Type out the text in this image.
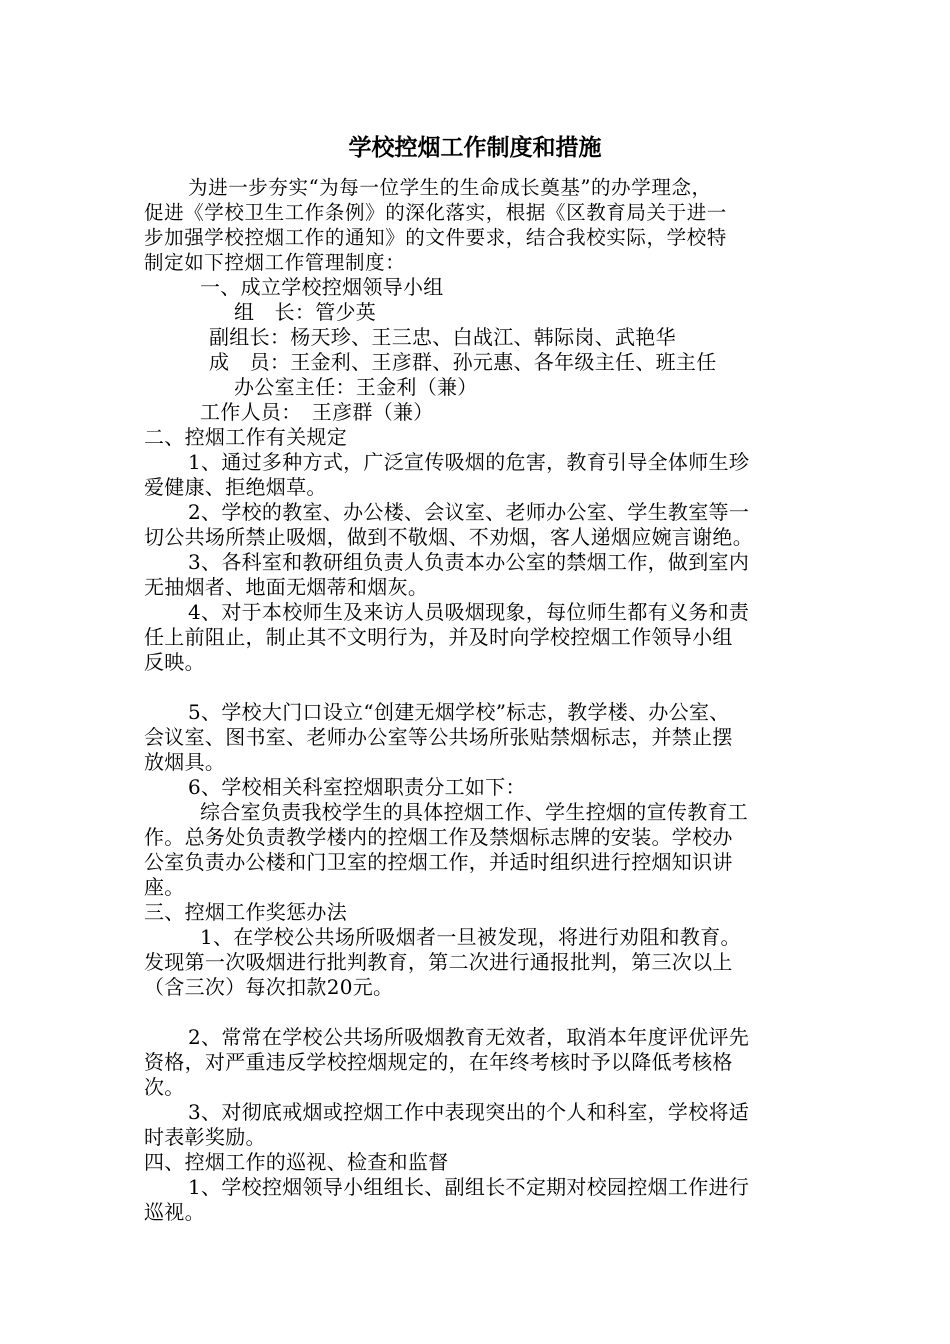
学校控烟工作制度和措施
为进一步夯实“为每一位学生的生命成长奠基”的办学理念，
促进《学校卫生工作条例》的深化落实，根据《区教育局关于进一
步加强学校控烟工作的通知》的文件要求，结合我校实际，学校特
制定如下控烟工作管理制度：
一、成立学校控烟领导小组
组　长：管少英
副组长：杨天珍、王三忠、白战江、韩际岗、武艳华
成　员：王金利、王彦群、孙元惠、各年级主任、班主任
办公室主任：王金利（兼）
工作人员：　王彦群（兼）
二、控烟工作有关规定
1、通过多种方式，广泛宣传吸烟的危害，教育引导全体师生珍
爱健康、拒绝烟草。
2、学校的教室、办公楼、会议室、老师办公室、学生教室等一
切公共场所禁止吸烟，做到不敬烟、不劝烟，客人递烟应婉言谢绝。
3、各科室和教研组负责人负责本办公室的禁烟工作，做到室内
无抽烟者、地面无烟蒂和烟灰。
4、对于本校师生及来访人员吸烟现象，每位师生都有义务和责
任上前阻止，制止其不文明行为，并及时向学校控烟工作领导小组
反映。
5、学校大门口设立“创建无烟学校”标志，教学楼、办公室、
会议室、图书室、老师办公室等公共场所张贴禁烟标志，并禁止摆
放烟具。
6、学校相关科室控烟职责分工如下：
综合室负责我校学生的具体控烟工作、学生控烟的宣传教育工
作。总务处负责教学楼内的控烟工作及禁烟标志牌的安装。学校办
公室负责办公楼和门卫室的控烟工作，并适时组织进行控烟知识讲
座。
三、控烟工作奖惩办法
1、在学校公共场所吸烟者一旦被发现，将进行劝阻和教育。
发现第一次吸烟进行批判教育，第二次进行通报批判，第三次以上
（含三次）每次扣款20元。
2、常常在学校公共场所吸烟教育无效者，取消本年度评优评先
资格，对严重违反学校控烟规定的，在年终考核时予以降低考核格
次。
3、对彻底戒烟或控烟工作中表现突出的个人和科室，学校将适
时表彰奖励。
四、控烟工作的巡视、检查和监督
1、学校控烟领导小组组长、副组长不定期对校园控烟工作进行
巡视。
